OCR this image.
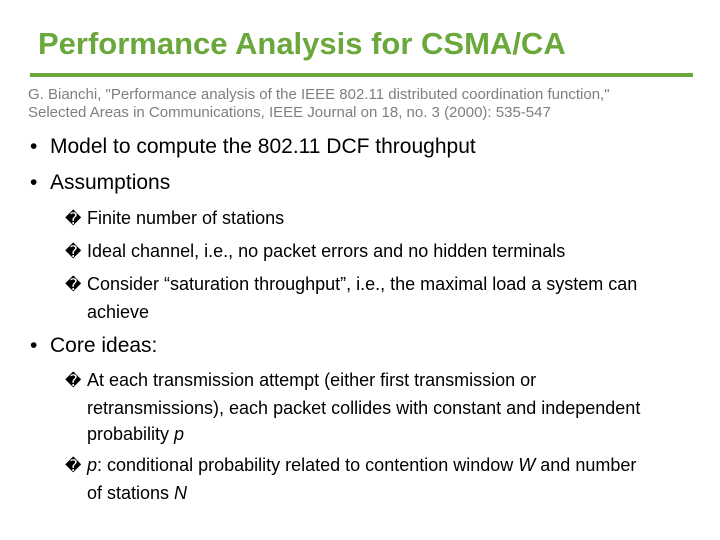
Performance Analysis for CSMA/CA
G. Bianchi, "Performance analysis of the IEEE 802.11 distributed coordination function,"
Selected Areas in Communications, IEEE Journal on 18, no. 3 (2000): 535-547
• Model to compute the 802.11 DCF throughput
• Assumptions
� Finite number of stations
� Ideal channel, i.e., no packet errors and no hidden terminals
� Consider “saturation throughput”, i.e., the maximal load a system can
achieve
• Core ideas:
� At each transmission attempt (either first transmission or
retransmissions), each packet collides with constant and independent
probability p
� p: conditional probability related to contention window W and number
of stations N
